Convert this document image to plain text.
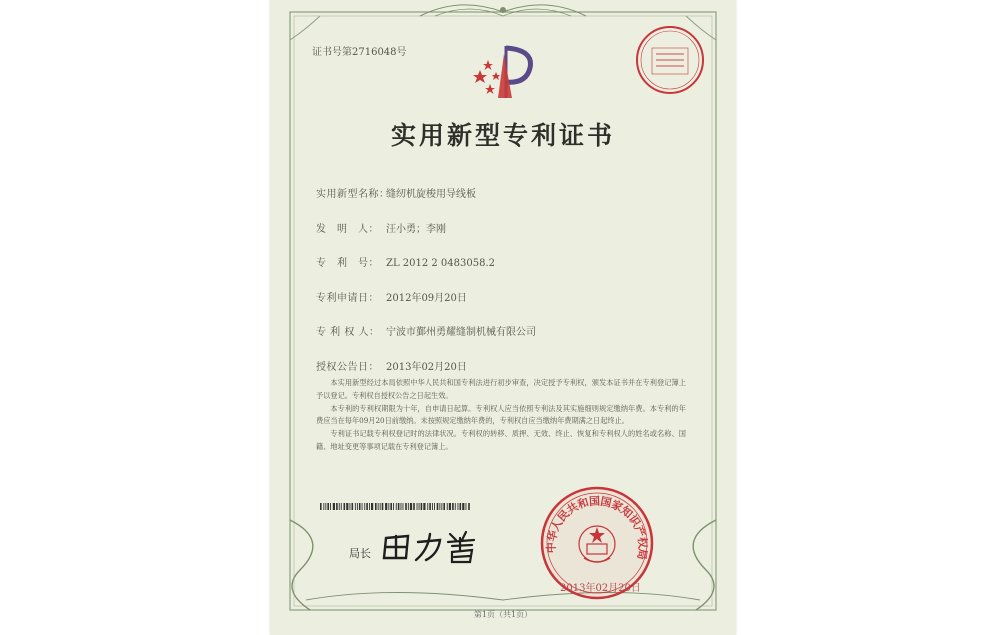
证书号第2716048号
实用新型专利证书
实用新型名称：缝纫机旋梭用导线板
发　明　人： 汪小勇；李刚
专　利　号： ZL 2012 2 0483058.2
专利申请日： 2012年09月20日
专 利 权 人： 宁波市鄞州勇耀缝制机械有限公司
授权公告日： 2013年02月20日

本实用新型经过本局依照中华人民共和国专利法进行初步审查，决定授予专利权，颁发本证书并在专利登记簿上予以登记。专利权自授权公告之日起生效。

本专利的专利权期限为十年，自申请日起算。专利权人应当依照专利法及其实施细则规定缴纳年费。本专利的年费应当在每年09月20日前缴纳。未按照规定缴纳年费的，专利权自应当缴纳年费期满之日起终止。

专利证书记载专利权登记时的法律状况。专利权的转移、质押、无效、终止、恢复和专利权人的姓名或名称、国籍、地址变更等事项记载在专利登记簿上。

局长	中华人民共和国国家知识产权局
2013年02月20日
第1页（共1页）
